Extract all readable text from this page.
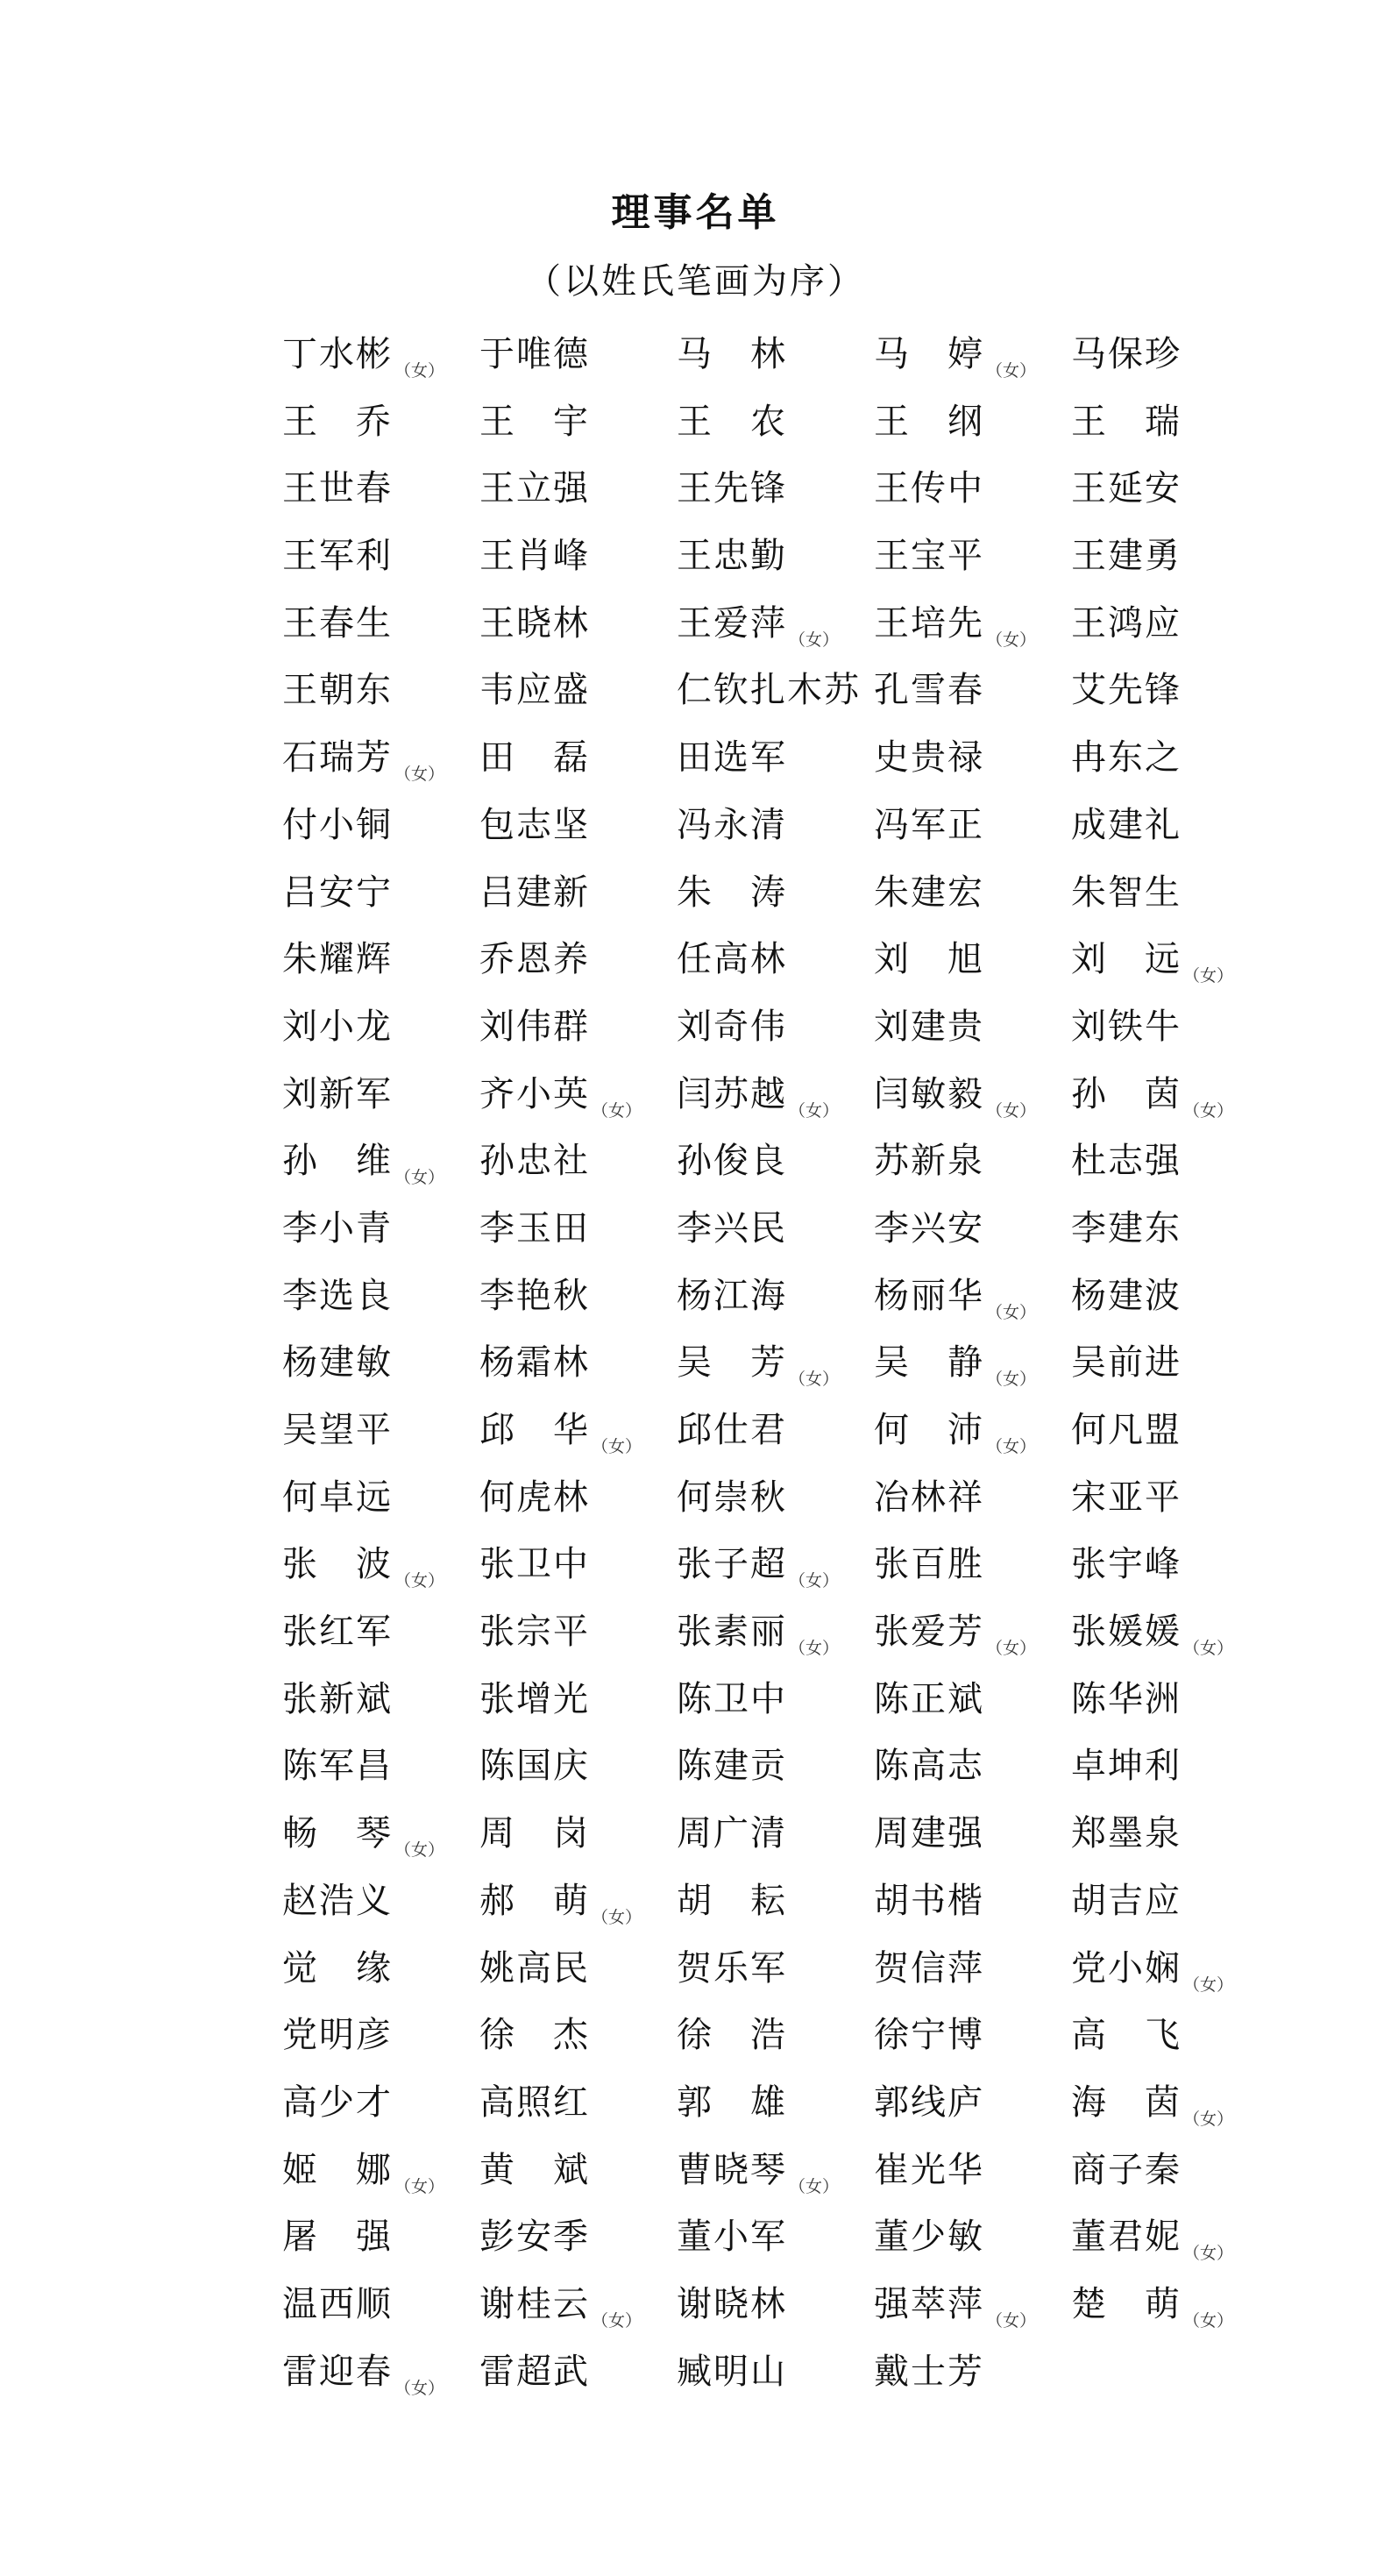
理事名单
（以姓氏笔画为序）
丁水彬 （女） 于唯德	马　林	马　婷 （女） 马保珍
王　乔	王　宇	王　农	王　纲	王　瑞
王世春	王立强	王先锋	王传中	王延安
王军利	王肖峰	王忠勤	王宝平	王建勇
王春生	王晓林	王爱萍 （女） 王培先 （女） 王鸿应
王朝东	韦应盛	仁钦扎木苏 孔雪春	艾先锋
石瑞芳 （女） 田　磊	田选军	史贵禄	冉东之
付小铜	包志坚	冯永清	冯军正	成建礼
吕安宁	吕建新	朱　涛	朱建宏	朱智生
朱耀辉	乔恩养	任高林	刘　旭	刘　远 （女）
刘小龙	刘伟群	刘奇伟	刘建贵	刘铁牛
刘新军	齐小英 （女） 闫苏越 （女） 闫敏毅 （女） 孙　茵 （女）
孙　维 （女） 孙忠社	孙俊良	苏新泉	杜志强
李小青	李玉田	李兴民	李兴安	李建东
李选良	李艳秋	杨江海	杨丽华 （女） 杨建波
杨建敏	杨霜林	吴　芳 （女） 吴　静 （女） 吴前进
吴望平	邱　华 （女） 邱仕君	何　沛 （女） 何凡盟
何卓远	何虎林	何崇秋	冶林祥	宋亚平
张　波 （女） 张卫中	张子超 （女） 张百胜	张宇峰
张红军	张宗平	张素丽 （女） 张爱芳 （女） 张媛媛 （女）
张新斌	张增光	陈卫中	陈正斌	陈华洲
陈军昌	陈国庆	陈建贡	陈高志	卓坤利
畅　琴 （女） 周　岗	周广清	周建强	郑墨泉
赵浩义	郝　萌 （女） 胡　耘	胡书楷	胡吉应
觉　缘	姚高民	贺乐军	贺信萍	党小娴 （女）
党明彦	徐　杰	徐　浩	徐宁博	高　飞
高少才	高照红	郭　雄	郭线庐	海　茵 （女）
姬　娜 （女） 黄　斌	曹晓琴 （女） 崔光华	商子秦
屠　强	彭安季	董小军	董少敏	董君妮 （女）
温西顺	谢桂云 （女） 谢晓林	强萃萍 （女） 楚　萌 （女）
雷迎春 （女） 雷超武	臧明山	戴士芳
